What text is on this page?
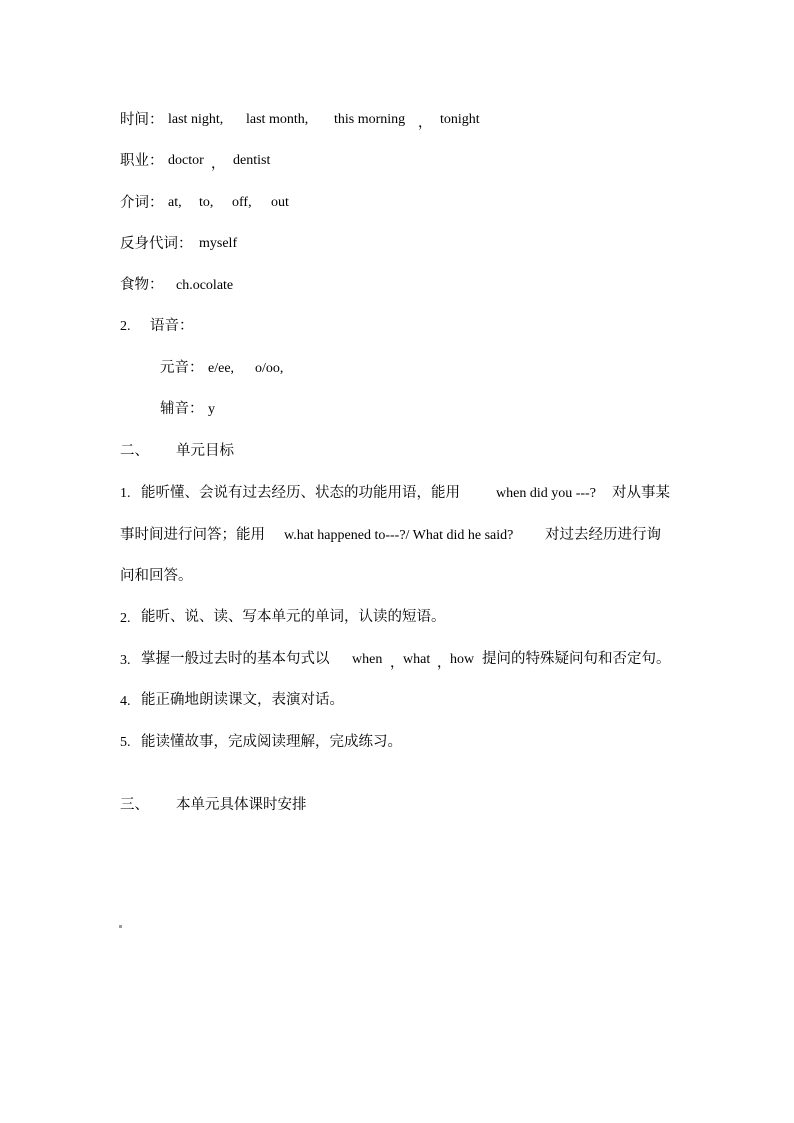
时间： last night, last month, this morning ， tonight
职业： doctor ， dentist
介词： at, to, off, out
反身代词： myself
食物： ch.ocolate
2. 语音：
元音： e/ee, o/oo,
辅音： y
二、 单元目标
1. 能听懂、会说有过去经历、状态的功能用语，能用	when did you ---? 对从事某
事时间进行问答；能用 w.hat happened to---?/ What did he said? 对过去经历进行询
问和回答。
2. 能听、说、读、写本单元的单词，认读的短语。
3. 掌握一般过去时的基本句式以 when ， what ， how 提问的特殊疑问句和否定句。
4. 能正确地朗读课文，表演对话。
5. 能读懂故事，完成阅读理解，完成练习。
三、 本单元具体课时安排
